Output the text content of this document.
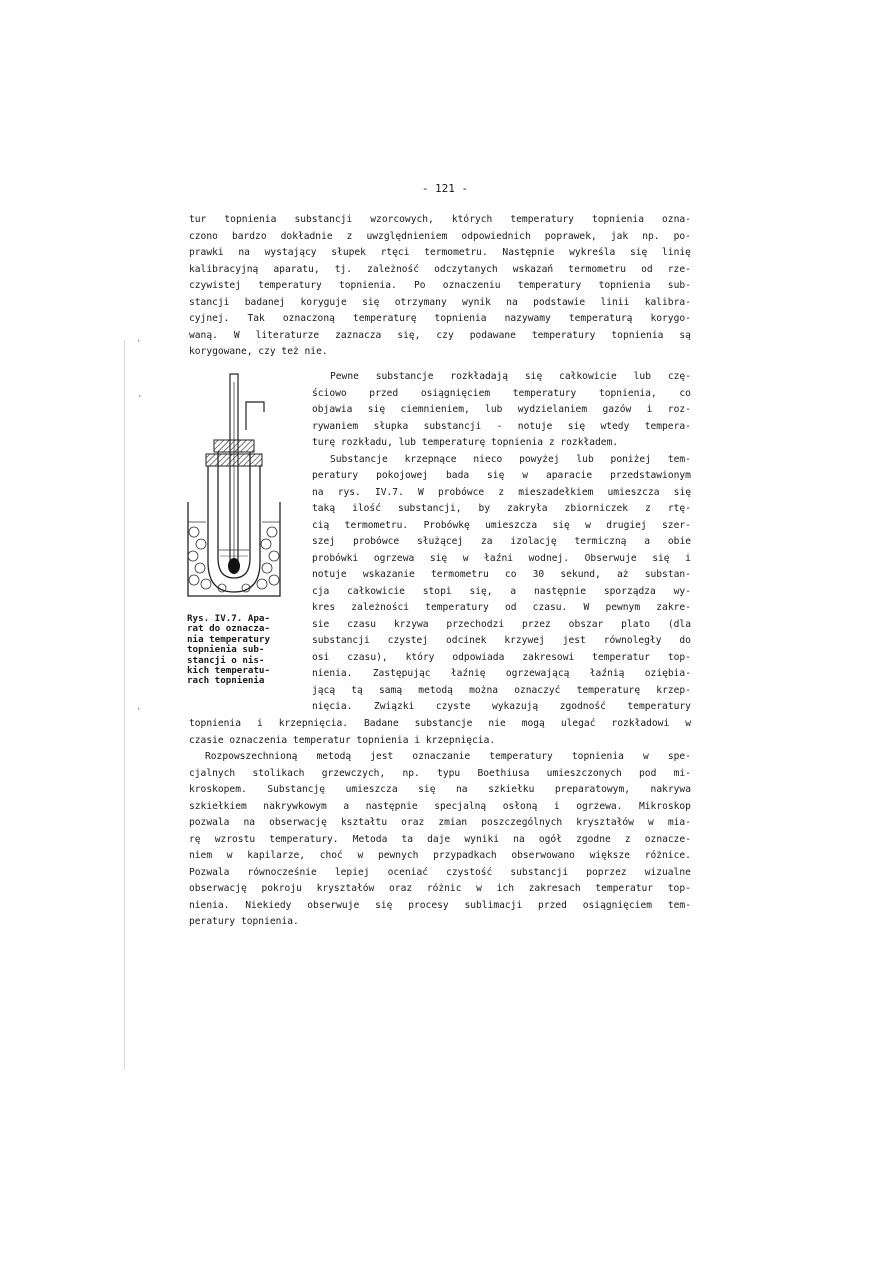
- 121 -
tur topnienia substancji wzorcowych, których temperatury topnienia ozna-
czono bardzo dokładnie z uwzględnieniem odpowiednich poprawek, jak np. po-
prawki na wystający słupek rtęci termometru. Następnie wykreśla się linię
kalibracyjną aparatu, tj. zależność odczytanych wskazań termometru od rze-
czywistej temperatury topnienia. Po oznaczeniu temperatury topnienia sub-
stancji badanej koryguje się otrzymany wynik na podstawie linii kalibra-
cyjnej. Tak oznaczoną temperaturę topnienia nazywamy temperaturą korygo-
waną. W literaturze zaznacza się, czy podawane temperatury topnienia są
korygowane, czy też nie.
Pewne substancje rozkładają się całkowicie lub czę-
ściowo przed osiągnięciem temperatury topnienia, co
objawia się ciemnieniem, lub wydzielaniem gazów i roz-
rywaniem słupka substancji - notuje się wtedy tempera-
turę rozkładu, lub temperaturę topnienia z rozkładem.
Substancje krzepnące nieco powyżej lub poniżej tem-
peratury pokojowej bada się w aparacie przedstawionym
na rys. IV.7. W probówce z mieszadełkiem umieszcza się
taką ilość substancji, by zakryła zbiorniczek z rtę-
cią termometru. Probówkę umieszcza się w drugiej szer-
szej probówce służącej za izolację termiczną a obie
probówki ogrzewa się w łaźni wodnej. Obserwuje się i
notuje wskazanie termometru co 30 sekund, aż substan-
cja całkowicie stopi się, a następnie sporządza wy-
kres zależności temperatury od czasu. W pewnym zakre-
sie czasu krzywa przechodzi przez obszar plato (dla
substancji czystej odcinek krzywej jest równoległy do
osi czasu), który odpowiada zakresowi temperatur top-
nienia. Zastępując łaźnię ogrzewającą łaźnią oziębia-
jącą tą samą metodą można oznaczyć temperaturę krzep-
nięcia. Związki czyste wykazują zgodność temperatury
topnienia i krzepnięcia. Badane substancje nie mogą ulegać rozkładowi w
czasie oznaczenia temperatur topnienia i krzepnięcia.
Rozpowszechnioną metodą jest oznaczanie temperatury topnienia w spe-
cjalnych stolikach grzewczych, np. typu Boethiusa umieszczonych pod mi-
kroskopem. Substancję umieszcza się na szkiełku preparatowym, nakrywa
szkiełkiem nakrywkowym a następnie specjalną osłoną i ogrzewa. Mikroskop
pozwala na obserwację kształtu oraz zmian poszczególnych kryształów w mia-
rę wzrostu temperatury. Metoda ta daje wyniki na ogół zgodne z oznacze-
niem w kapilarze, choć w pewnych przypadkach obserwowano większe różnice.
Pozwala równocześnie lepiej oceniać czystość substancji poprzez wizualne
obserwację pokroju kryształów oraz różnic w ich zakresach temperatur top-
nienia. Niekiedy obserwuje się procesy sublimacji przed osiągnięciem tem-
peratury topnienia.
Rys. IV.7. Apa-
rat do oznacza-
nia temperatury
topnienia sub-
stancji o nis-
kich temperatu-
rach topnienia
·
·
·
